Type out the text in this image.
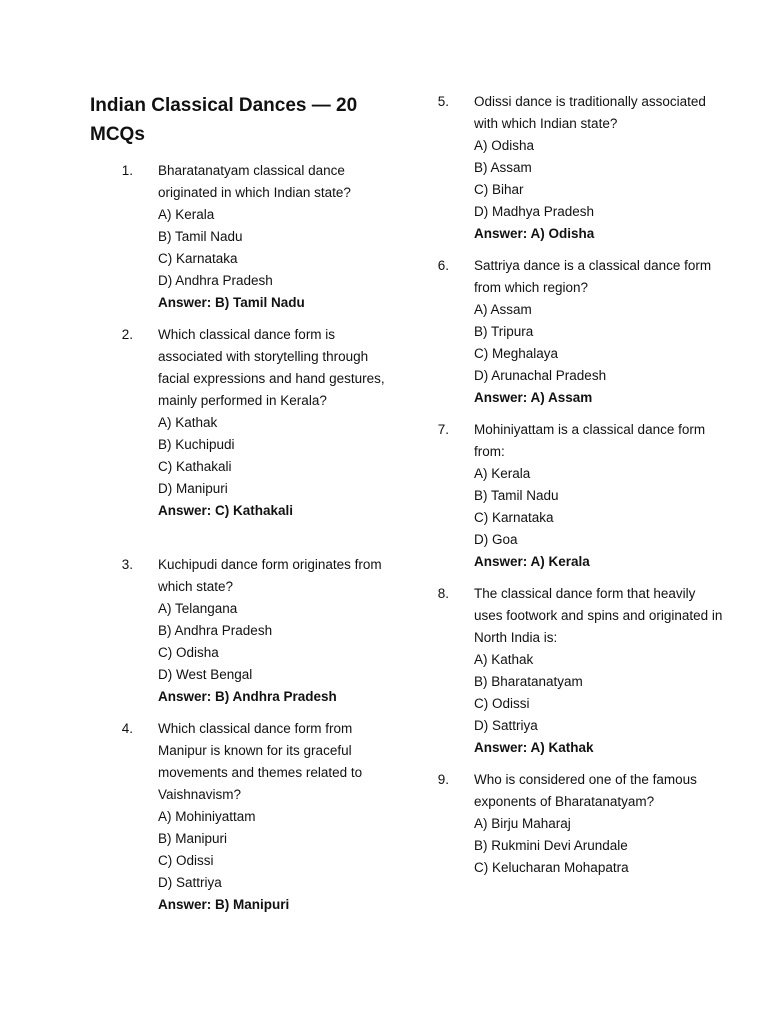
Indian Classical Dances — 20 MCQs
1. Bharatanatyam classical dance originated in which Indian state?
A) Kerala
B) Tamil Nadu
C) Karnataka
D) Andhra Pradesh
Answer: B) Tamil Nadu
2. Which classical dance form is associated with storytelling through facial expressions and hand gestures, mainly performed in Kerala?
A) Kathak
B) Kuchipudi
C) Kathakali
D) Manipuri
Answer: C) Kathakali
3. Kuchipudi dance form originates from which state?
A) Telangana
B) Andhra Pradesh
C) Odisha
D) West Bengal
Answer: B) Andhra Pradesh
4. Which classical dance form from Manipur is known for its graceful movements and themes related to Vaishnavism?
A) Mohiniyattam
B) Manipuri
C) Odissi
D) Sattriya
Answer: B) Manipuri
5. Odissi dance is traditionally associated with which Indian state?
A) Odisha
B) Assam
C) Bihar
D) Madhya Pradesh
Answer: A) Odisha
6. Sattriya dance is a classical dance form from which region?
A) Assam
B) Tripura
C) Meghalaya
D) Arunachal Pradesh
Answer: A) Assam
7. Mohiniyattam is a classical dance form from:
A) Kerala
B) Tamil Nadu
C) Karnataka
D) Goa
Answer: A) Kerala
8. The classical dance form that heavily uses footwork and spins and originated in North India is:
A) Kathak
B) Bharatanatyam
C) Odissi
D) Sattriya
Answer: A) Kathak
9. Who is considered one of the famous exponents of Bharatanatyam?
A) Birju Maharaj
B) Rukmini Devi Arundale
C) Kelucharan Mohapatra
